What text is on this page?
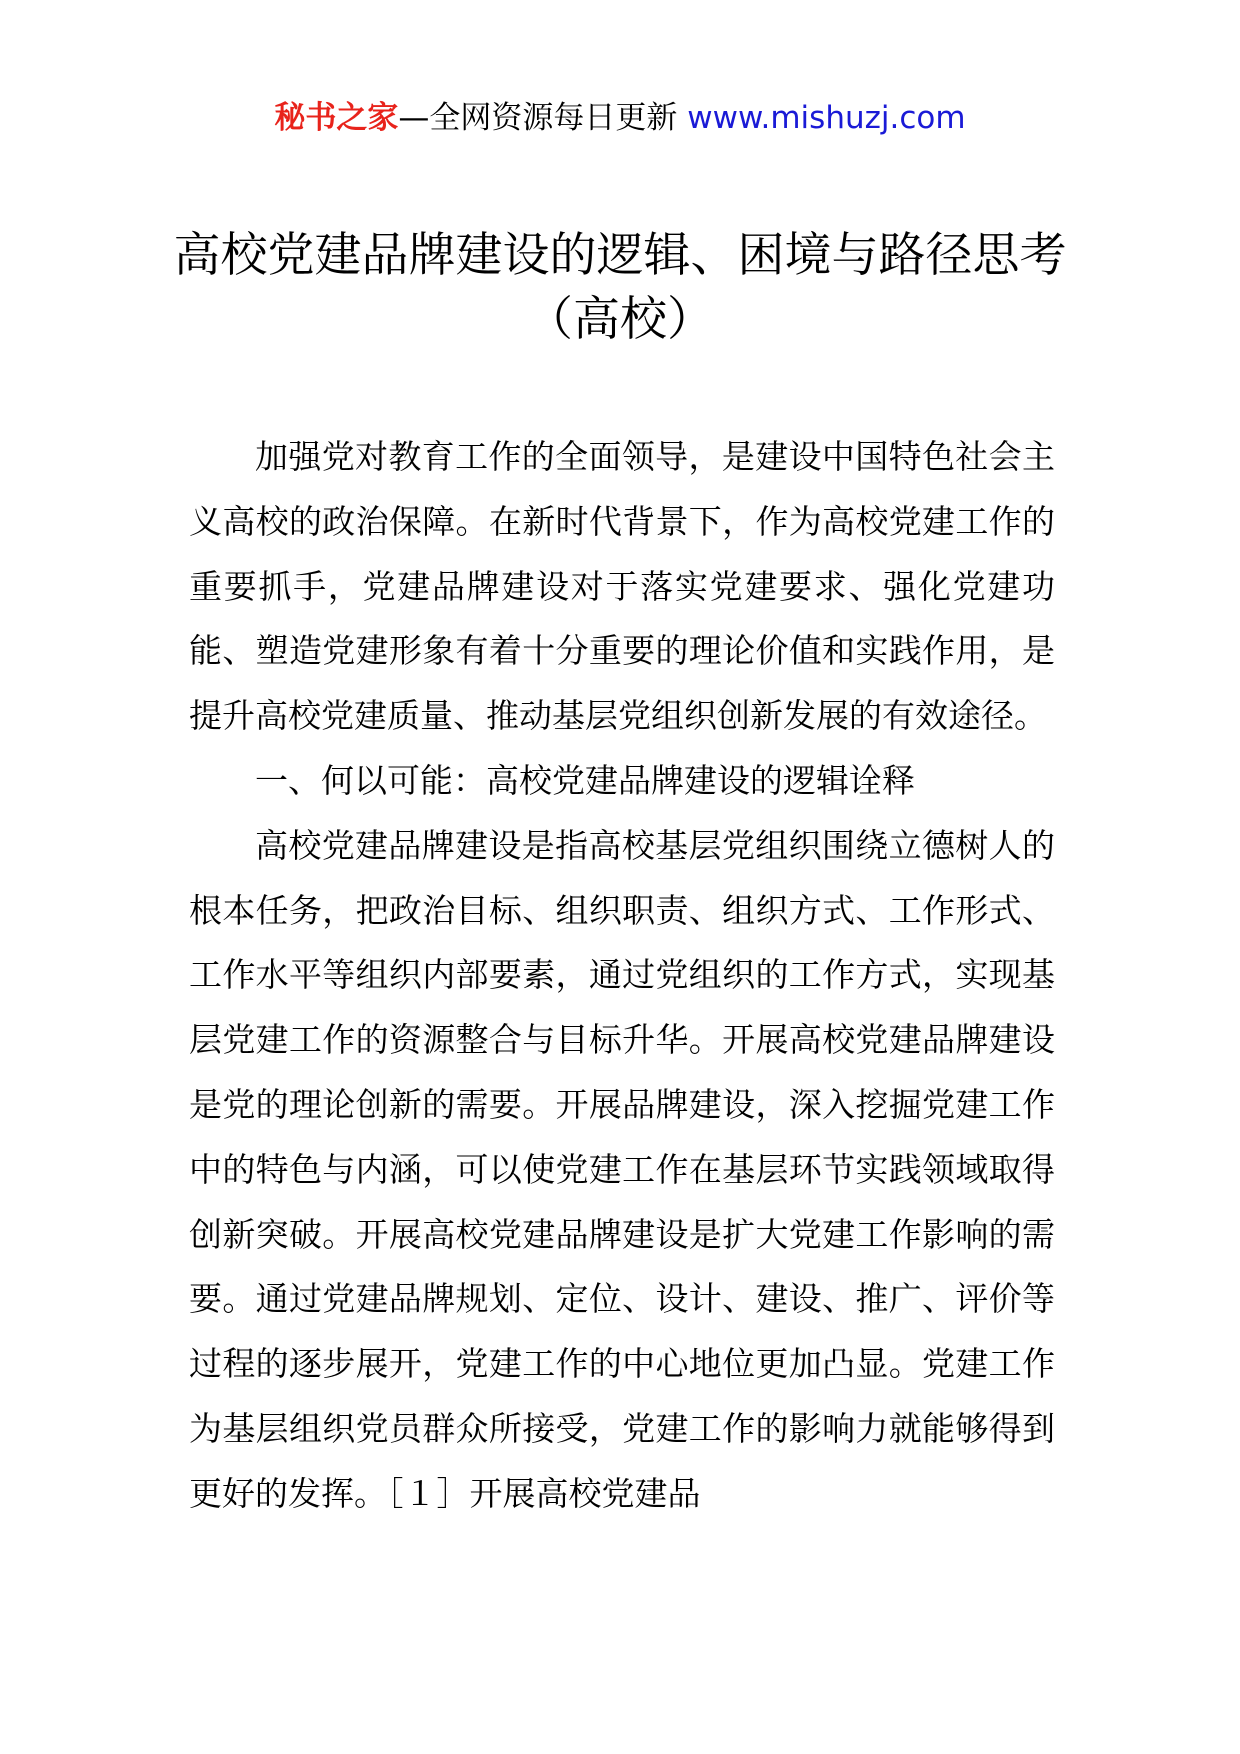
秘书之家—全网资源每日更新 www.mishuzj.com
高校党建品牌建设的逻辑、困境与路径思考（高校）

加强党对教育工作的全面领导，是建设中国特色社会主义高校的政治保障。在新时代背景下，作为高校党建工作的重要抓手，党建品牌建设对于落实党建要求、强化党建功能、塑造党建形象有着十分重要的理论价值和实践作用，是提升高校党建质量、推动基层党组织创新发展的有效途径。

一、何以可能：高校党建品牌建设的逻辑诠释

高校党建品牌建设是指高校基层党组织围绕立德树人的根本任务，把政治目标、组织职责、组织方式、工作形式、工作水平等组织内部要素，通过党组织的工作方式，实现基层党建工作的资源整合与目标升华。开展高校党建品牌建设是党的理论创新的需要。开展品牌建设，深入挖掘党建工作中的特色与内涵，可以使党建工作在基层环节实践领域取得创新突破。开展高校党建品牌建设是扩大党建工作影响的需要。通过党建品牌规划、定位、设计、建设、推广、评价等过程的逐步展开，党建工作的中心地位更加凸显。党建工作为基层组织党员群众所接受，党建工作的影响力就能够得到更好的发挥。［１］开展高校党建品
